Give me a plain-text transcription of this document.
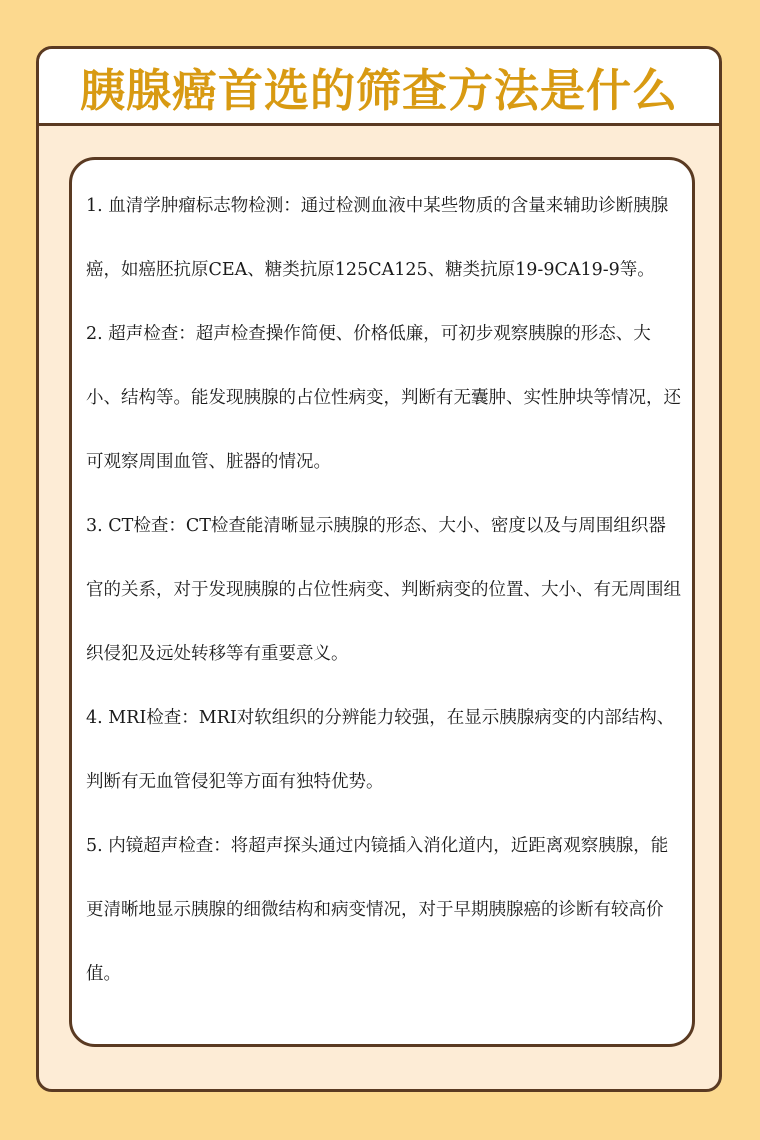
胰腺癌首选的筛查方法是什么

1. 血清学肿瘤标志物检测：通过检测血液中某些物质的含量来辅助诊断胰腺癌，如癌胚抗原CEA、糖类抗原125CA125、糖类抗原19-9CA19-9等。

2. 超声检查：超声检查操作简便、价格低廉，可初步观察胰腺的形态、大小、结构等。能发现胰腺的占位性病变，判断有无囊肿、实性肿块等情况，还可观察周围血管、脏器的情况。

3. CT检查：CT检查能清晰显示胰腺的形态、大小、密度以及与周围组织器官的关系，对于发现胰腺的占位性病变、判断病变的位置、大小、有无周围组织侵犯及远处转移等有重要意义。

4. MRI检查：MRI对软组织的分辨能力较强，在显示胰腺病变的内部结构、判断有无血管侵犯等方面有独特优势。

5. 内镜超声检查：将超声探头通过内镜插入消化道内，近距离观察胰腺，能更清晰地显示胰腺的细微结构和病变情况，对于早期胰腺癌的诊断有较高价值。
